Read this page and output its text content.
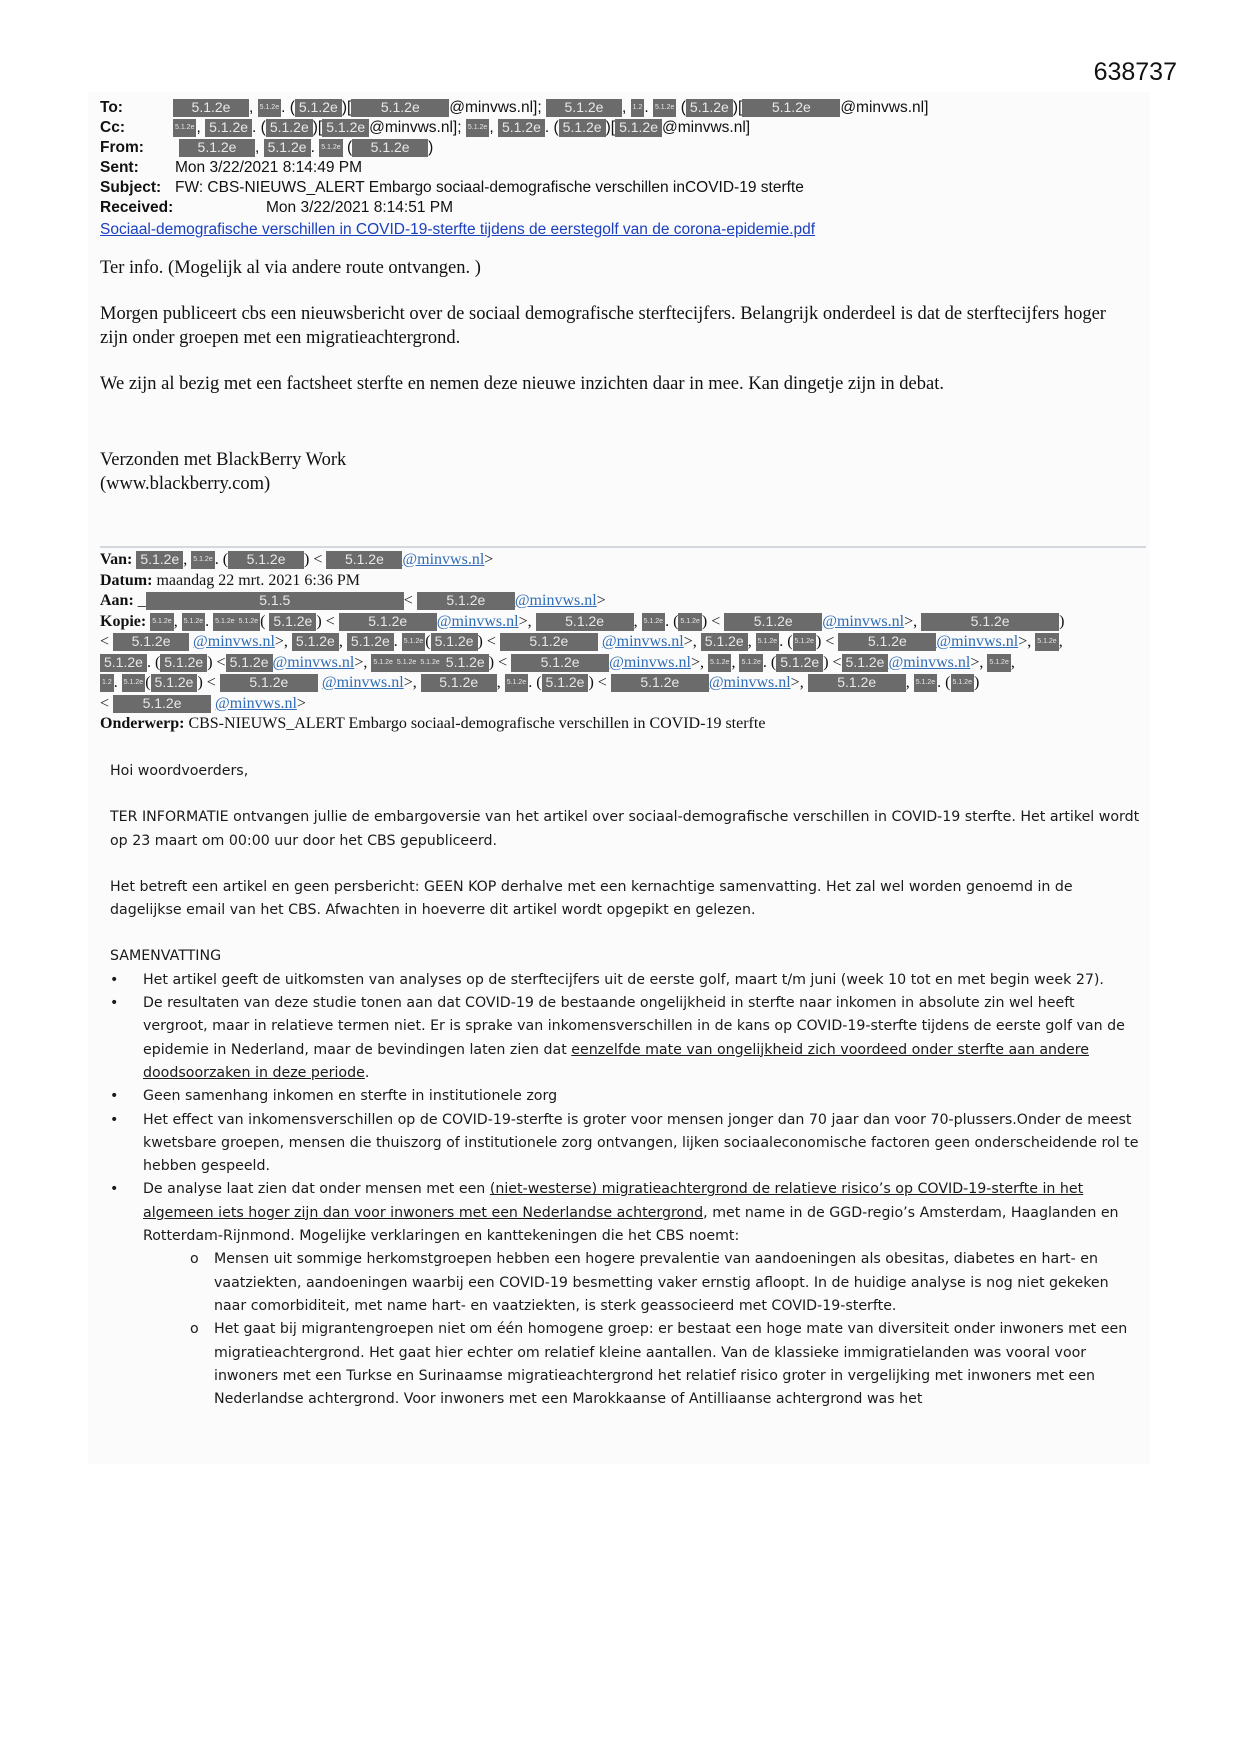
638737
To:	5.1.2e , 5.1.2e . ( 5.1.2e )[ 5.1.2e @minvws.nl]; 5.1.2e , 1.2 . 5.1.2e ( 5.1.2e )[ 5.1.2e @minvws.nl]
Cc:	5.1.2e , 5.1.2e . ( 5.1.2e )[ 5.1.2e @minvws.nl]; 5.1.2e , 5.1.2e . ( 5.1.2e )[ 5.1.2e @minvws.nl]
From:	5.1.2e , 5.1.2e . 5.1.2e ( 5.1.2e )
Sent:	Mon 3/22/2021 8:14:49 PM
Subject: FW: CBS-NIEUWS_ALERT Embargo sociaal-demografische verschillen inCOVID-19 sterfte
Received:	Mon 3/22/2021 8:14:51 PM
Sociaal-demografische verschillen in COVID-19-sterfte tijdens de eerstegolf van de corona-epidemie.pdf
Ter info. (Mogelijk al via andere route ontvangen. )
Morgen publiceert cbs een nieuwsbericht over de sociaal demografische sterftecijfers. Belangrijk onderdeel is dat de sterftecijfers hoger zijn onder groepen met een migratieachtergrond.
We zijn al bezig met een factsheet sterfte en nemen deze nieuwe inzichten daar in mee. Kan dingetje zijn in debat.
Verzonden met BlackBerry Work
(www.blackberry.com)
Van: 5.1.2e , 5.1.2e . ( 5.1.2e ) < 5.1.2e @minvws.nl>
Datum: maandag 22 mrt. 2021 6:36 PM
Aan: _	5.1.5	< 5.1.2e @minvws.nl>
Kopie: 5.1.2e , 5.1.2e . 5.1.2e 5.1.2e ( 5.1.2e ) < 5.1.2e @minvws.nl>, 5.1.2e , 5.1.2e . ( 5.1.2e ) < 5.1.2e @minvws.nl>,	5.1.2e	)
< 5.1.2e @minvws.nl>, 5.1.2e , 5.1.2e . 5.1.2e ( 5.1.2e ) < 5.1.2e @minvws.nl>, 5.1.2e , 5.1.2e . ( 5.1.2e ) < 5.1.2e @minvws.nl>, 5.1.2e ,
5.1.2e . ( 5.1.2e ) < 5.1.2e @minvws.nl>, 5.1.2e 5.1.2e 5.1.2e 5.1.2e ) < 5.1.2e @minvws.nl>, 5.1.2e , 5.1.2e . ( 5.1.2e ) < 5.1.2e @minvws.nl>, 5.1.2e ,
1.2 . 5.1.2e ( 5.1.2e ) < 5.1.2e @minvws.nl>, 5.1.2e , 5.1.2e . ( 5.1.2e ) < 5.1.2e @minvws.nl>, 5.1.2e , 5.1.2e . ( 5.1.2e )
< 5.1.2e @minvws.nl>
Onderwerp: CBS-NIEUWS_ALERT Embargo sociaal-demografische verschillen in COVID-19 sterfte

Hoi woordvoerders,

TER INFORMATIE ontvangen jullie de embargoversie van het artikel over sociaal-demografische verschillen in COVID-19 sterfte. Het artikel wordt op 23 maart om 00:00 uur door het CBS gepubliceerd.

Het betreft een artikel en geen persbericht: GEEN KOP derhalve met een kernachtige samenvatting. Het zal wel worden genoemd in de dagelijkse email van het CBS. Afwachten in hoeverre dit artikel wordt opgepikt en gelezen.

SAMENVATTING

•	Het artikel geeft de uitkomsten van analyses op de sterftecijfers uit de eerste golf, maart t/m juni (week 10 tot en met begin week 27).
•	De resultaten van deze studie tonen aan dat COVID-19 de bestaande ongelijkheid in sterfte naar inkomen in absolute zin wel heeft vergroot, maar in relatieve termen niet. Er is sprake van inkomensverschillen in de kans op COVID-19-sterfte tijdens de eerste golf van de epidemie in Nederland, maar de bevindingen laten zien dat eenzelfde mate van ongelijkheid zich voordeed onder sterfte aan andere doodsoorzaken in deze periode.
•	Geen samenhang inkomen en sterfte in institutionele zorg
•	Het effect van inkomensverschillen op de COVID-19-sterfte is groter voor mensen jonger dan 70 jaar dan voor 70-plussers.Onder de meest kwetsbare groepen, mensen die thuiszorg of institutionele zorg ontvangen, lijken sociaaleconomische factoren geen onderscheidende rol te hebben gespeeld.
•	De analyse laat zien dat onder mensen met een (niet-westerse) migratieachtergrond de relatieve risico’s op COVID-19-sterfte in het algemeen iets hoger zijn dan voor inwoners met een Nederlandse achtergrond, met name in de GGD-regio’s Amsterdam, Haaglanden en Rotterdam-Rijnmond. Mogelijke verklaringen en kanttekeningen die het CBS noemt:
o	Mensen uit sommige herkomstgroepen hebben een hogere prevalentie van aandoeningen als obesitas, diabetes en hart- en vaatziekten, aandoeningen waarbij een COVID-19 besmetting vaker ernstig afloopt. In de huidige analyse is nog niet gekeken naar comorbiditeit, met name hart- en vaatziekten, is sterk geassocieerd met COVID-19-sterfte.
o	Het gaat bij migrantengroepen niet om één homogene groep: er bestaat een hoge mate van diversiteit onder inwoners met een migratieachtergrond. Het gaat hier echter om relatief kleine aantallen. Van de klassieke immigratielanden was vooral voor inwoners met een Turkse en Surinaamse migratieachtergrond het relatief risico groter in vergelijking met inwoners met een Nederlandse achtergrond. Voor inwoners met een Marokkaanse of Antilliaanse achtergrond was het
